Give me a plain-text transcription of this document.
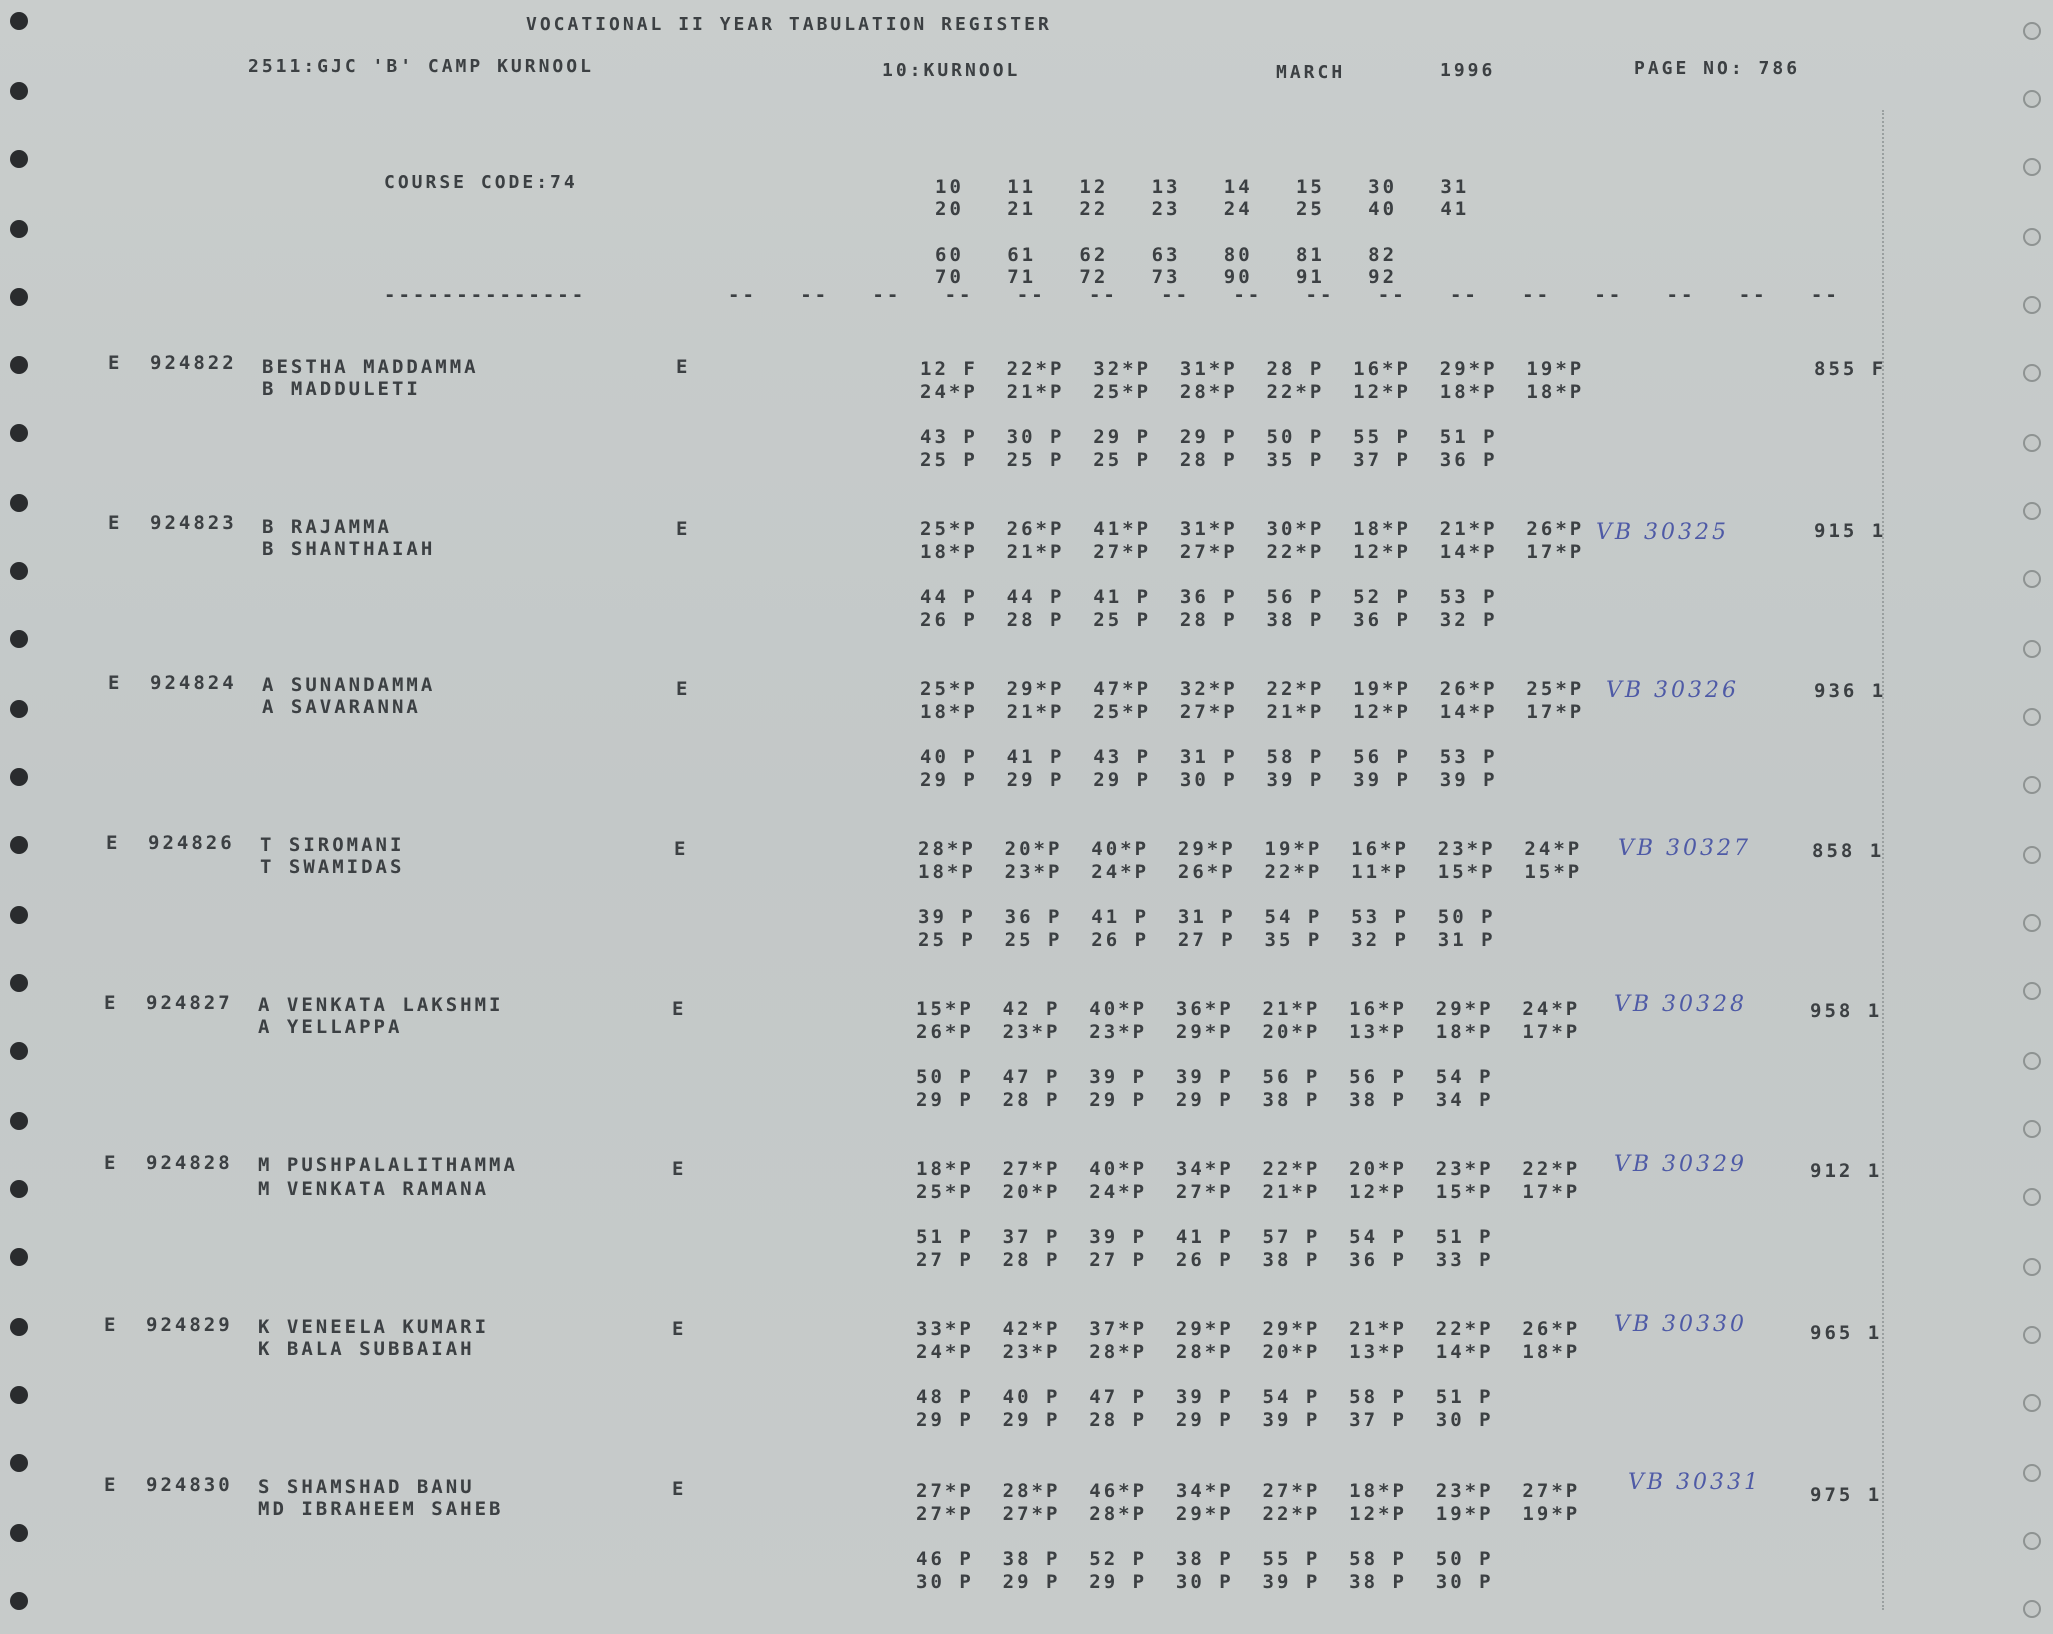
VOCATIONAL II YEAR TABULATION REGISTER
2511:GJC 'B' CAMP KURNOOL	10:KURNOOL	MARCH	1996	PAGE NO: 786
COURSE CODE:74	10   11   12   13   14   15   30   31
20   21   22   23   24   25   40   41
60   61   62   63   80   81   82
70   71   72   73   90   91   92
--------------	--   --   --   --   --   --   --   --   --   --   --   --   --   --   --   --
E 924822 BESTHA MADDAMMA
B MADDULETI
E	12 F  22*P  32*P  31*P  28 P  16*P  29*P  19*P
24*P  21*P  25*P  28*P  22*P  12*P  18*P  18*P
43 P  30 P  29 P  29 P  50 P  55 P  51 P
25 P  25 P  25 P  28 P  35 P  37 P  36 P
855 F
E 924823 B RAJAMMA
B SHANTHAIAH
E	25*P  26*P  41*P  31*P  30*P  18*P  21*P  26*P
18*P  21*P  27*P  27*P  22*P  12*P  14*P  17*P
44 P  44 P  41 P  36 P  56 P  52 P  53 P
26 P  28 P  25 P  28 P  38 P  36 P  32 P
VB 30325	915 1
E 924824 A SUNANDAMMA
A SAVARANNA
E	25*P  29*P  47*P  32*P  22*P  19*P  26*P  25*P
18*P  21*P  25*P  27*P  21*P  12*P  14*P  17*P
40 P  41 P  43 P  31 P  58 P  56 P  53 P
29 P  29 P  29 P  30 P  39 P  39 P  39 P
VB 30326	936 1
E 924826 T SIROMANI
T SWAMIDAS
E	28*P  20*P  40*P  29*P  19*P  16*P  23*P  24*P
18*P  23*P  24*P  26*P  22*P  11*P  15*P  15*P
39 P  36 P  41 P  31 P  54 P  53 P  50 P
25 P  25 P  26 P  27 P  35 P  32 P  31 P
VB 30327	858 1
E 924827 A VENKATA LAKSHMI
A YELLAPPA
E	15*P  42 P  40*P  36*P  21*P  16*P  29*P  24*P
26*P  23*P  23*P  29*P  20*P  13*P  18*P  17*P
50 P  47 P  39 P  39 P  56 P  56 P  54 P
29 P  28 P  29 P  29 P  38 P  38 P  34 P
VB 30328	958 1
E 924828 M PUSHPALALITHAMMA
M VENKATA RAMANA
E	18*P  27*P  40*P  34*P  22*P  20*P  23*P  22*P
25*P  20*P  24*P  27*P  21*P  12*P  15*P  17*P
51 P  37 P  39 P  41 P  57 P  54 P  51 P
27 P  28 P  27 P  26 P  38 P  36 P  33 P
VB 30329	912 1
E 924829 K VENEELA KUMARI
K BALA SUBBAIAH
E	33*P  42*P  37*P  29*P  29*P  21*P  22*P  26*P
24*P  23*P  28*P  28*P  20*P  13*P  14*P  18*P
48 P  40 P  47 P  39 P  54 P  58 P  51 P
29 P  29 P  28 P  29 P  39 P  37 P  30 P
VB 30330	965 1
E 924830 S SHAMSHAD BANU
MD IBRAHEEM SAHEB
E	27*P  28*P  46*P  34*P  27*P  18*P  23*P  27*P
27*P  27*P  28*P  29*P  22*P  12*P  19*P  19*P
46 P  38 P  52 P  38 P  55 P  58 P  50 P
30 P  29 P  29 P  30 P  39 P  38 P  30 P
VB 30331	975 1
